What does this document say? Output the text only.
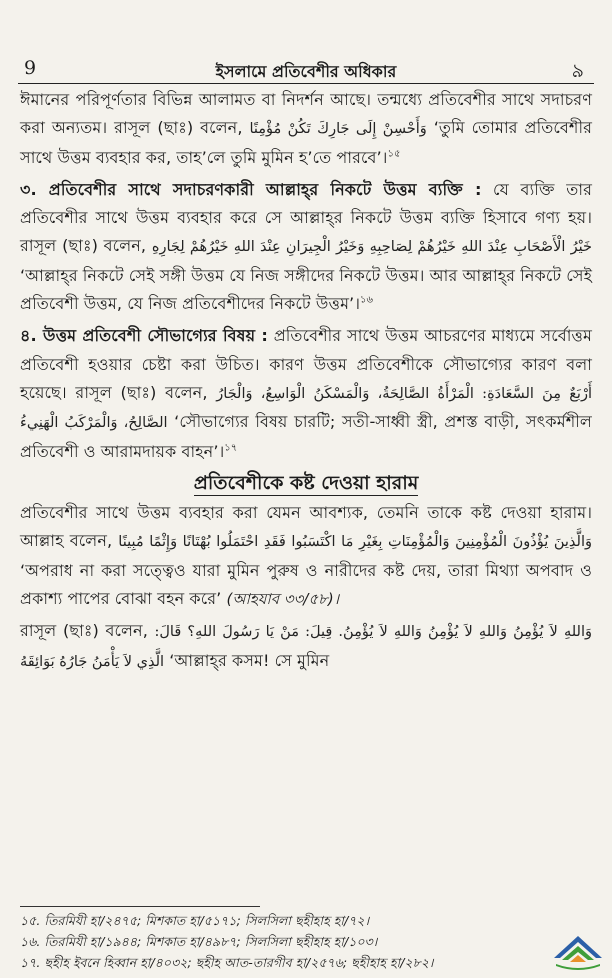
9	ইসলামে প্রতিবেশীর অধিকার	৯

ঈমানের পরিপূর্ণতার বিভিন্ন আলামত বা নিদর্শন আছে। তন্মধ্যে প্রতিবেশীর সাথে সদাচরণ করা অন্যতম। রাসূল (ছাঃ) বলেন, وَأَحْسِنْ إِلَى جَارِكَ تَكُنْ مُؤْمِنًا ‘তুমি তোমার প্রতিবেশীর সাথে উত্তম ব্যবহার কর, তাহ’লে তুমি মুমিন হ’তে পারবে’।$^{১৫}$

৩. প্রতিবেশীর সাথে সদাচরণকারী আল্লাহ্‌র নিকটে উত্তম ব্যক্তি : যে ব্যক্তি তার প্রতিবেশীর সাথে উত্তম ব্যবহার করে সে আল্লাহ্‌র নিকটে উত্তম ব্যক্তি হিসাবে গণ্য হয়। রাসূল (ছাঃ) বলেন, خَيْرُ الْأَصْحَابِ عِنْدَ اللهِ خَيْرُهُمْ لِصَاحِبِهِ وَخَيْرُ الْجِيرَانِ عِنْدَ اللهِ خَيْرُهُمْ لِجَارِهِ ‘আল্লাহ্‌র নিকটে সেই সঙ্গী উত্তম যে নিজ সঙ্গীদের নিকটে উত্তম। আর আল্লাহ্‌র নিকটে সেই প্রতিবেশী উত্তম, যে নিজ প্রতিবেশীদের নিকটে উত্তম’।$^{১৬}$

৪. উত্তম প্রতিবেশী সৌভাগ্যের বিষয় : প্রতিবেশীর সাথে উত্তম আচরণের মাধ্যমে সর্বোত্তম প্রতিবেশী হওয়ার চেষ্টা করা উচিত। কারণ উত্তম প্রতিবেশীকে সৌভাগ্যের কারণ বলা হয়েছে। রাসূল (ছাঃ) বলেন, أَرْبَعٌ مِنَ السَّعَادَةِ: الْمَرْأَةُ الصَّالِحَةُ، وَالْمَسْكَنُ الْوَاسِعُ، وَالْجَارُ الصَّالِحُ، وَالْمَرْكَبُ الْهَنِيءُ ‘সৌভাগ্যের বিষয় চারটি; সতী-সাধ্বী স্ত্রী, প্রশস্ত বাড়ী, সৎকর্মশীল প্রতিবেশী ও আরামদায়ক বাহন’।$^{১৭}$

প্রতিবেশীকে কষ্ট দেওয়া হারাম

প্রতিবেশীর সাথে উত্তম ব্যবহার করা যেমন আবশ্যক, তেমনি তাকে কষ্ট দেওয়া হারাম। আল্লাহ বলেন, وَالَّذِينَ يُؤْذُونَ الْمُؤْمِنِينَ وَالْمُؤْمِنَاتِ بِغَيْرِ مَا اكْتَسَبُوا فَقَدِ احْتَمَلُوا بُهْتَانًا وَإِثْمًا مُبِينًا ‘অপরাধ না করা সত্ত্বেও যারা মুমিন পুরুষ ও নারীদের কষ্ট দেয়, তারা মিথ্যা অপবাদ ও প্রকাশ্য পাপের বোঝা বহন করে’ (আহযাব ৩৩/৫৮)।

রাসূল (ছাঃ) বলেন, وَاللهِ لاَ يُؤْمِنُ وَاللهِ لاَ يُؤْمِنُ وَاللهِ لاَ يُؤْمِنُ. قِيلَ: مَنْ يَا رَسُولَ اللهِ؟ قَالَ: الَّذِي لاَ يَأْمَنُ جَارُهُ بَوَائِقَهُ ‘আল্লাহ্‌র কসম! সে মুমিন

১৫. তিরমিযী হা/২৪৭৫; মিশকাত হা/৫১৭১; সিলসিলা ছহীহাহ হা/৭২।
১৬. তিরমিযী হা/১৯৪৪; মিশকাত হা/৪৯৮৭; সিলসিলা ছহীহাহ হা/১০৩।
১৭. ছহীহ ইবনে হিব্বান হা/৪০৩২; ছহীহ আত-তারগীব হা/২৫৭৬; ছহীহাহ হা/২৮২।
